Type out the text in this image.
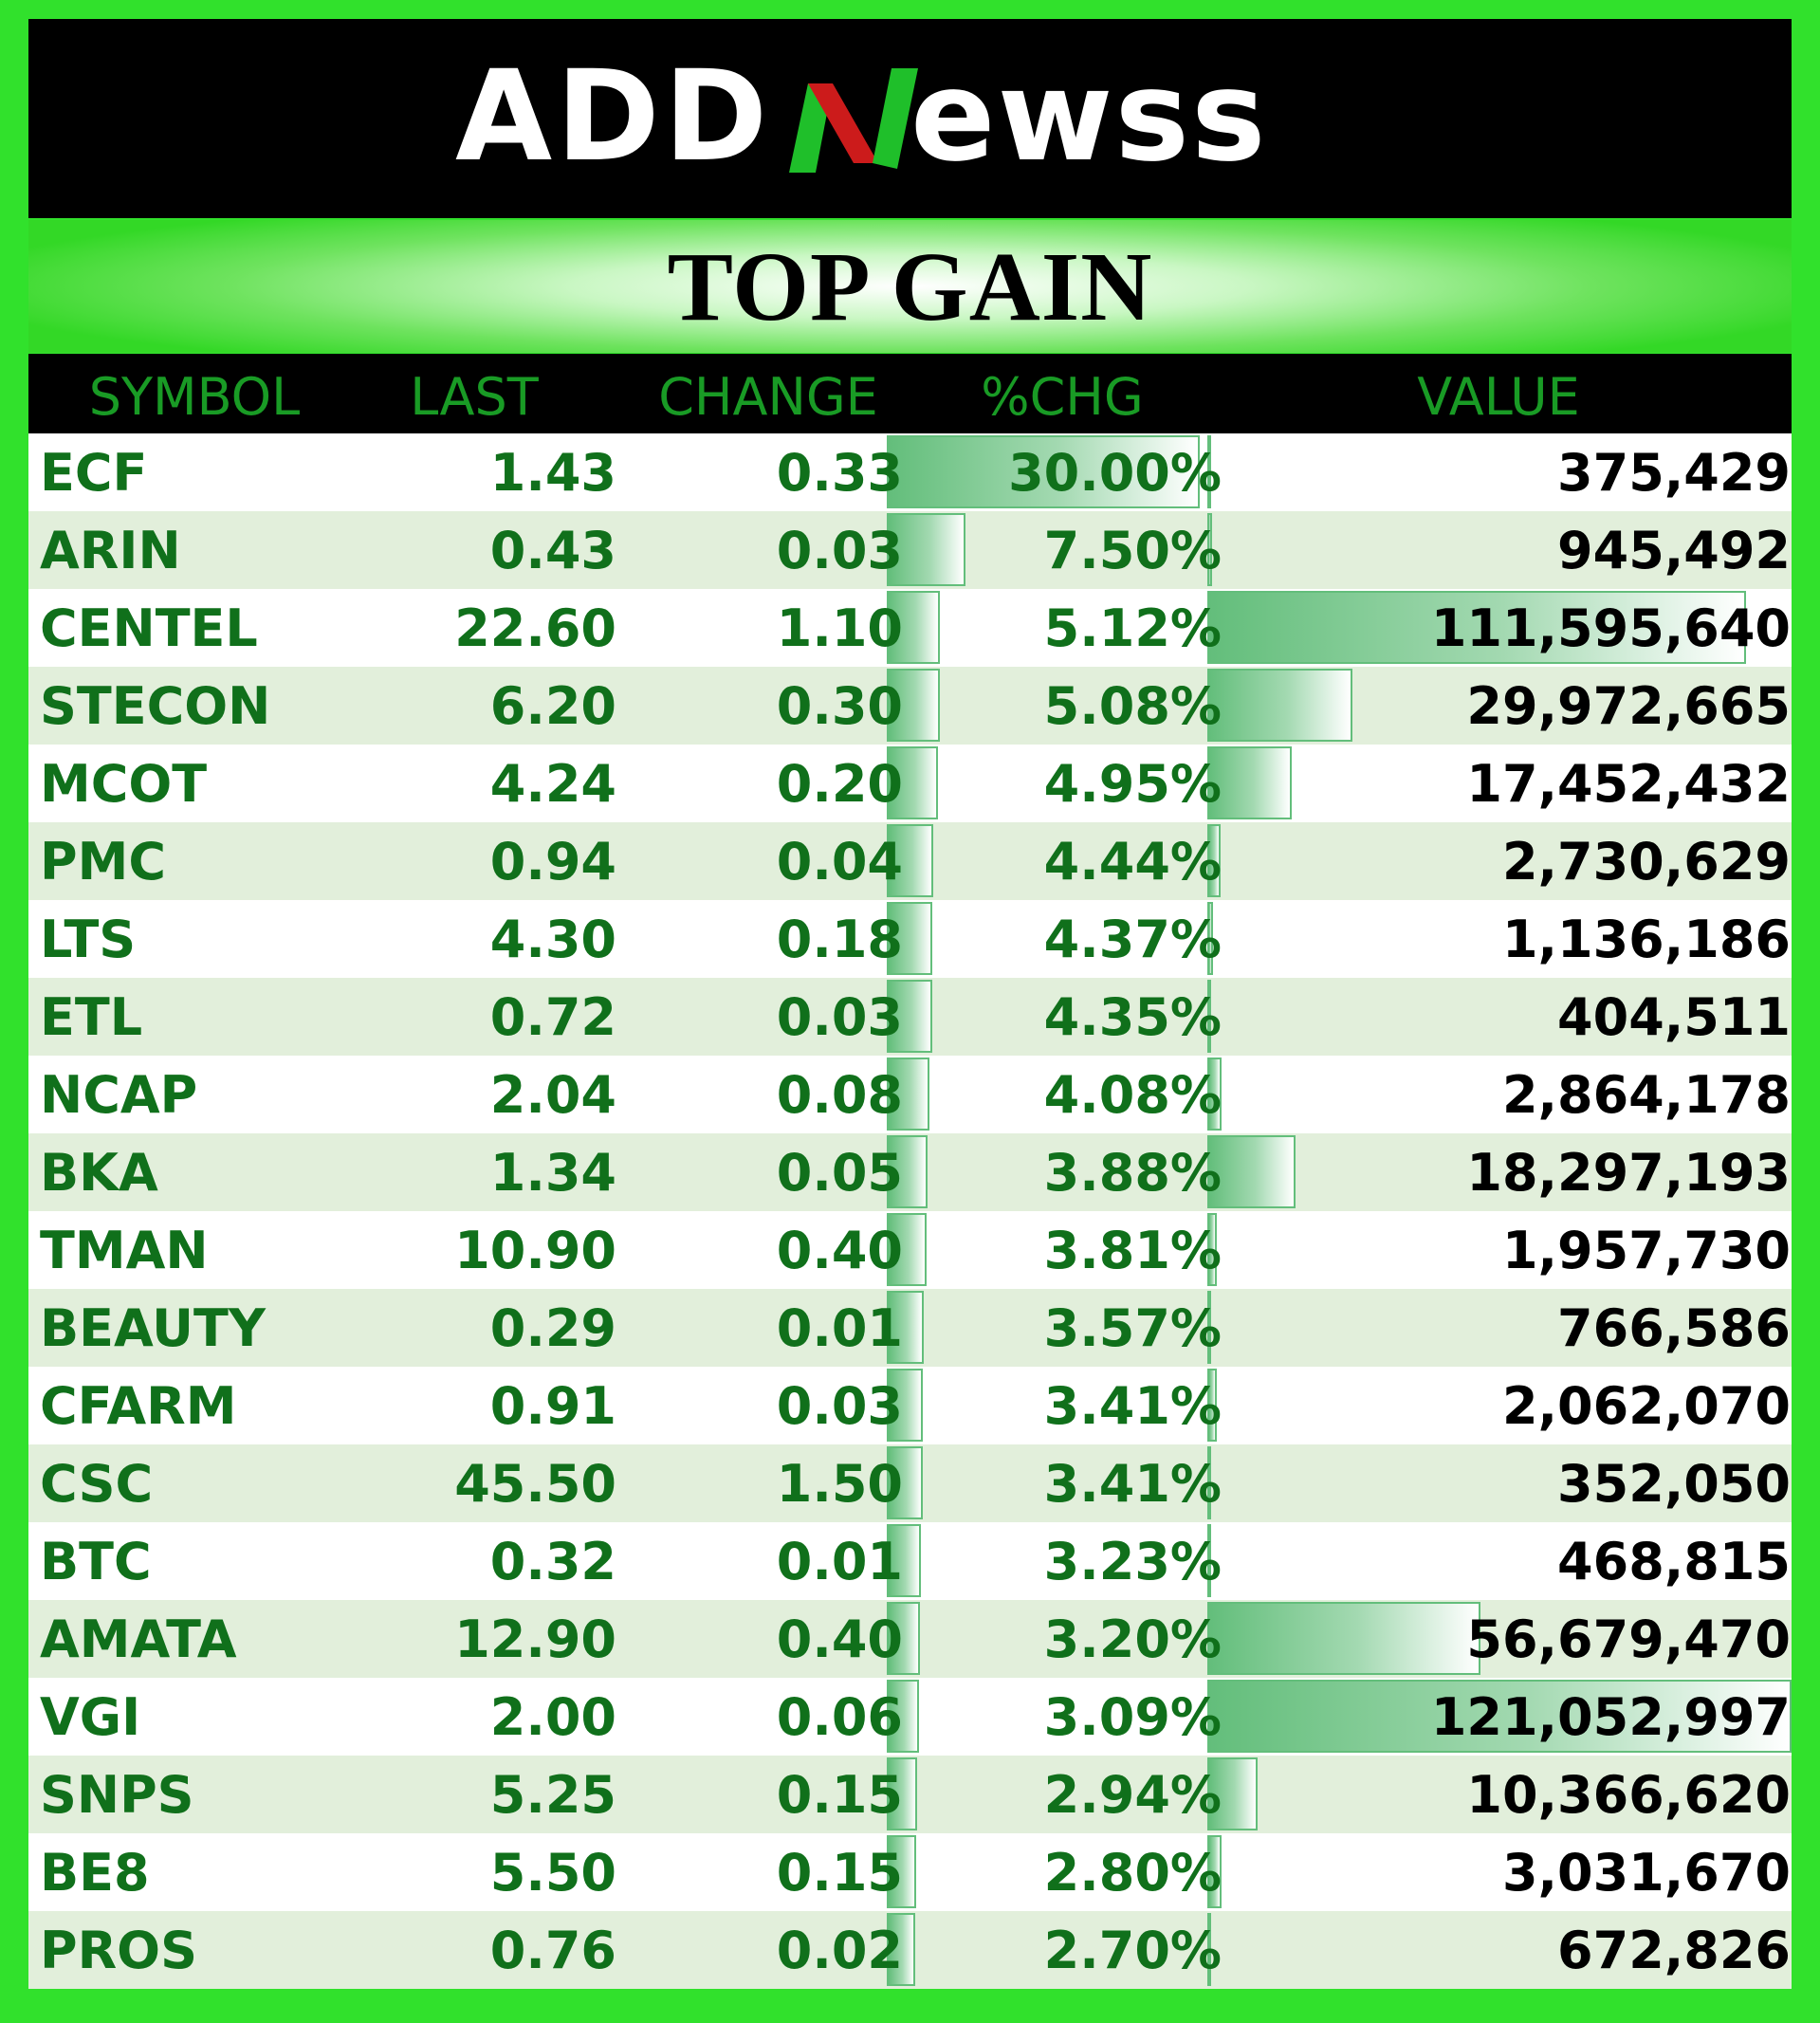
ADD ewss
TOP GAIN
SYMBOL	LAST	CHANGE	%CHG	VALUE
ECF	1.43	0.33	30.00%	375,429
ARIN	0.43	0.03	7.50%	945,492
CENTEL	22.60	1.10	5.12%	111,595,640
STECON	6.20	0.30	5.08%	29,972,665
MCOT	4.24	0.20	4.95%	17,452,432
PMC	0.94	0.04	4.44%	2,730,629
LTS	4.30	0.18	4.37%	1,136,186
ETL	0.72	0.03	4.35%	404,511
NCAP	2.04	0.08	4.08%	2,864,178
BKA	1.34	0.05	3.88%	18,297,193
TMAN	10.90	0.40	3.81%	1,957,730
BEAUTY	0.29	0.01	3.57%	766,586
CFARM	0.91	0.03	3.41%	2,062,070
CSC	45.50	1.50	3.41%	352,050
BTC	0.32	0.01	3.23%	468,815
AMATA	12.90	0.40	3.20%	56,679,470
VGI	2.00	0.06	3.09%	121,052,997
SNPS	5.25	0.15	2.94%	10,366,620
BE8	5.50	0.15	2.80%	3,031,670
PROS	0.76	0.02	2.70%	672,826
